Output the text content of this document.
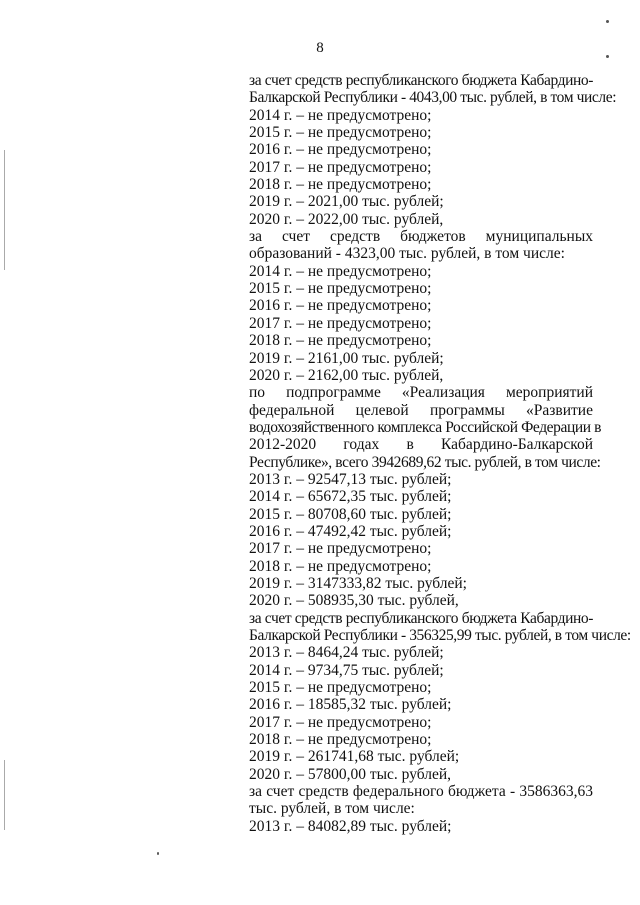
8
за счет средств республиканского бюджета Кабардино-
Балкарской Республики - 4043,00 тыс. рублей, в том числе:
2014 г. – не предусмотрено;
2015 г. – не предусмотрено;
2016 г. – не предусмотрено;
2017 г. – не предусмотрено;
2018 г. – не предусмотрено;
2019 г. – 2021,00 тыс. рублей;
2020 г. – 2022,00 тыс. рублей,
за счет средств бюджетов муниципальных
образований - 4323,00 тыс. рублей, в том числе:
2014 г. – не предусмотрено;
2015 г. – не предусмотрено;
2016 г. – не предусмотрено;
2017 г. – не предусмотрено;
2018 г. – не предусмотрено;
2019 г. – 2161,00 тыс. рублей;
2020 г. – 2162,00 тыс. рублей,
по подпрограмме «Реализация мероприятий
федеральной целевой программы «Развитие
водохозяйственного комплекса Российской Федерации в
2012-2020 годах в Кабардино-Балкарской
Республике», всего 3942689,62 тыс. рублей, в том числе:
2013 г. – 92547,13 тыс. рублей;
2014 г. – 65672,35 тыс. рублей;
2015 г. – 80708,60 тыс. рублей;
2016 г. – 47492,42 тыс. рублей;
2017 г. – не предусмотрено;
2018 г. – не предусмотрено;
2019 г. – 3147333,82 тыс. рублей;
2020 г. – 508935,30 тыс. рублей,
за счет средств республиканского бюджета Кабардино-
Балкарской Республики - 356325,99 тыс. рублей, в том числе:
2013 г. – 8464,24 тыс. рублей;
2014 г. – 9734,75 тыс. рублей;
2015 г. – не предусмотрено;
2016 г. – 18585,32 тыс. рублей;
2017 г. – не предусмотрено;
2018 г. – не предусмотрено;
2019 г. – 261741,68 тыс. рублей;
2020 г. – 57800,00 тыс. рублей,
за счет средств федерального бюджета - 3586363,63
тыс. рублей, в том числе:
2013 г. – 84082,89 тыс. рублей;
